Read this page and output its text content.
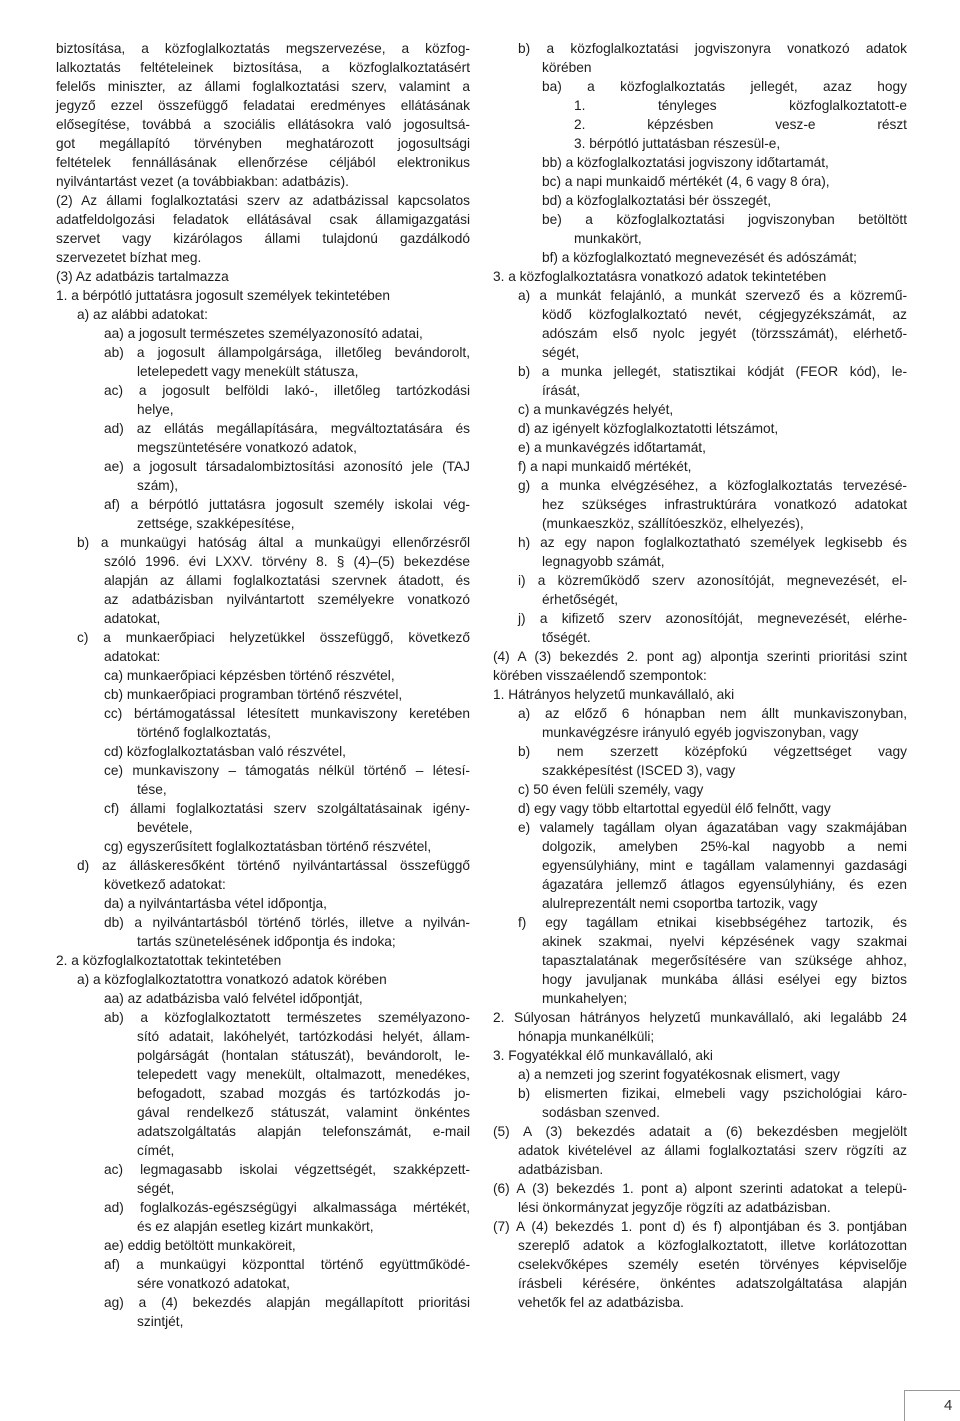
biztosítása, a közfoglalkoztatás megszervezése, a közfog-
lalkoztatás feltételeinek biztosítása, a közfoglalkoztatásért
felelős miniszter, az állami foglalkoztatási szerv, valamint a
jegyző ezzel összefüggő feladatai eredményes ellátásának
elősegítése, továbbá a szociális ellátásokra való jogosultsá-
got megállapító törvényben meghatározott jogosultsági
feltételek fennállásának ellenőrzése céljából elektronikus
nyilvántartást vezet (a továbbiakban: adatbázis).
(2) Az állami foglalkoztatási szerv az adatbázissal kapcsolatos
adatfeldolgozási feladatok ellátásával csak államigazgatási
szervet vagy kizárólagos állami tulajdonú gazdálkodó
szervezetet bízhat meg.
(3) Az adatbázis tartalmazza
1. a bérpótló juttatásra jogosult személyek tekintetében
a) az alábbi adatokat:
aa) a jogosult természetes személyazonosító adatai,
ab) a jogosult állampolgársága, illetőleg bevándorolt,
letelepedett vagy menekült státusza,
ac) a jogosult belföldi lakó-, illetőleg tartózkodási
helye,
ad) az ellátás megállapítására, megváltoztatására és
megszüntetésére vonatkozó adatok,
ae) a jogosult társadalombiztosítási azonosító jele (TAJ
szám),
af) a bérpótló juttatásra jogosult személy iskolai vég-
zettsége, szakképesítése,
b) a munkaügyi hatóság által a munkaügyi ellenőrzésről
szóló 1996. évi LXXV. törvény 8. § (4)–(5) bekezdése
alapján az állami foglalkoztatási szervnek átadott, és
az adatbázisban nyilvántartott személyekre vonatkozó
adatokat,
c) a munkaerőpiaci helyzetükkel összefüggő, következő
adatokat:
ca) munkaerőpiaci képzésben történő részvétel,
cb) munkaerőpiaci programban történő részvétel,
cc) bértámogatással létesített munkaviszony keretében
történő foglalkoztatás,
cd) közfoglalkoztatásban való részvétel,
ce) munkaviszony – támogatás nélkül történő – létesí-
tése,
cf) állami foglalkoztatási szerv szolgáltatásainak igény-
bevétele,
cg) egyszerűsített foglalkoztatásban történő részvétel,
d) az álláskeresőként történő nyilvántartással összefüggő
következő adatokat:
da) a nyilvántartásba vétel időpontja,
db) a nyilvántartásból történő törlés, illetve a nyilván-
tartás szünetelésének időpontja és indoka;
2. a közfoglalkoztatottak tekintetében
a) a közfoglalkoztatottra vonatkozó adatok körében
aa) az adatbázisba való felvétel időpontját,
ab) a közfoglalkoztatott természetes személyazono-
sító adatait, lakóhelyét, tartózkodási helyét, állam-
polgárságát (hontalan státuszát), bevándorolt, le-
telepedett vagy menekült, oltalmazott, menedékes,
befogadott, szabad mozgás és tartózkodás jo-
gával rendelkező státuszát, valamint önkéntes
adatszolgáltatás alapján telefonszámát, e-mail
címét,
ac) legmagasabb iskolai végzettségét, szakképzett-
ségét,
ad) foglalkozás-egészségügyi alkalmassága mértékét,
és ez alapján esetleg kizárt munkakört,
ae) eddig betöltött munkaköreit,
af) a munkaügyi központtal történő együttműködé-
sére vonatkozó adatokat,
ag) a (4) bekezdés alapján megállapított prioritási
szintjét,
b) a közfoglalkoztatási jogviszonyra vonatkozó adatok
körében
ba) a közfoglalkoztatás jellegét, azaz hogy
1. tényleges közfoglalkoztatott-e
2. képzésben vesz-e részt
3. bérpótló juttatásban részesül-e,
bb) a közfoglalkoztatási jogviszony időtartamát,
bc) a napi munkaidő mértékét (4, 6 vagy 8 óra),
bd) a közfoglalkoztatási bér összegét,
be) a közfoglalkoztatási jogviszonyban betöltött
munkakört,
bf) a közfoglalkoztató megnevezését és adószámát;
3. a közfoglalkoztatásra vonatkozó adatok tekintetében
a) a munkát felajánló, a munkát szervező és a közremű-
ködő közfoglalkoztató nevét, cégjegyzékszámát, az
adószám első nyolc jegyét (törzsszámát), elérhető-
ségét,
b) a munka jellegét, statisztikai kódját (FEOR kód), le-
írását,
c) a munkavégzés helyét,
d) az igényelt közfoglalkoztatotti létszámot,
e) a munkavégzés időtartamát,
f) a napi munkaidő mértékét,
g) a munka elvégzéséhez, a közfoglalkoztatás tervezésé-
hez szükséges infrastruktúrára vonatkozó adatokat
(munkaeszköz, szállítóeszköz, elhelyezés),
h) az egy napon foglalkoztatható személyek legkisebb és
legnagyobb számát,
i) a közreműködő szerv azonosítóját, megnevezését, el-
érhetőségét,
j) a kifizető szerv azonosítóját, megnevezését, elérhe-
tőségét.
(4) A (3) bekezdés 2. pont ag) alpontja szerinti prioritási szint
körében visszaélendő szempontok:
1. Hátrányos helyzetű munkavállaló, aki
a) az előző 6 hónapban nem állt munkaviszonyban,
munkavégzésre irányuló egyéb jogviszonyban, vagy
b) nem szerzett középfokú végzettséget vagy
szakképesítést (ISCED 3), vagy
c) 50 éven felüli személy, vagy
d) egy vagy több eltartottal egyedül élő felnőtt, vagy
e) valamely tagállam olyan ágazatában vagy szakmájában
dolgozik, amelyben 25%-kal nagyobb a nemi
egyensúlyhiány, mint e tagállam valamennyi gazdasági
ágazatára jellemző átlagos egyensúlyhiány, és ezen
alulreprezentált nemi csoportba tartozik, vagy
f) egy tagállam etnikai kisebbségéhez tartozik, és
akinek szakmai, nyelvi képzésének vagy szakmai
tapasztalatának megerősítésére van szüksége ahhoz,
hogy javuljanak munkába állási esélyei egy biztos
munkahelyen;
2. Súlyosan hátrányos helyzetű munkavállaló, aki legalább 24
hónapja munkanélküli;
3. Fogyatékkal élő munkavállaló, aki
a) a nemzeti jog szerint fogyatékosnak elismert, vagy
b) elismerten fizikai, elmebeli vagy pszichológiai káro-
sodásban szenved.
(5) A (3) bekezdés adatait a (6) bekezdésben megjelölt
adatok kivételével az állami foglalkoztatási szerv rögzíti az
adatbázisban.
(6) A (3) bekezdés 1. pont a) alpont szerinti adatokat a telepü-
lési önkormányzat jegyzője rögzíti az adatbázisban.
(7) A (4) bekezdés 1. pont d) és f) alpontjában és 3. pontjában
szereplő adatok a közfoglalkoztatott, illetve korlátozottan
cselekvőképes személy esetén törvényes képviselője
írásbeli kérésére, önkéntes adatszolgáltatása alapján
vehetők fel az adatbázisba.
4
